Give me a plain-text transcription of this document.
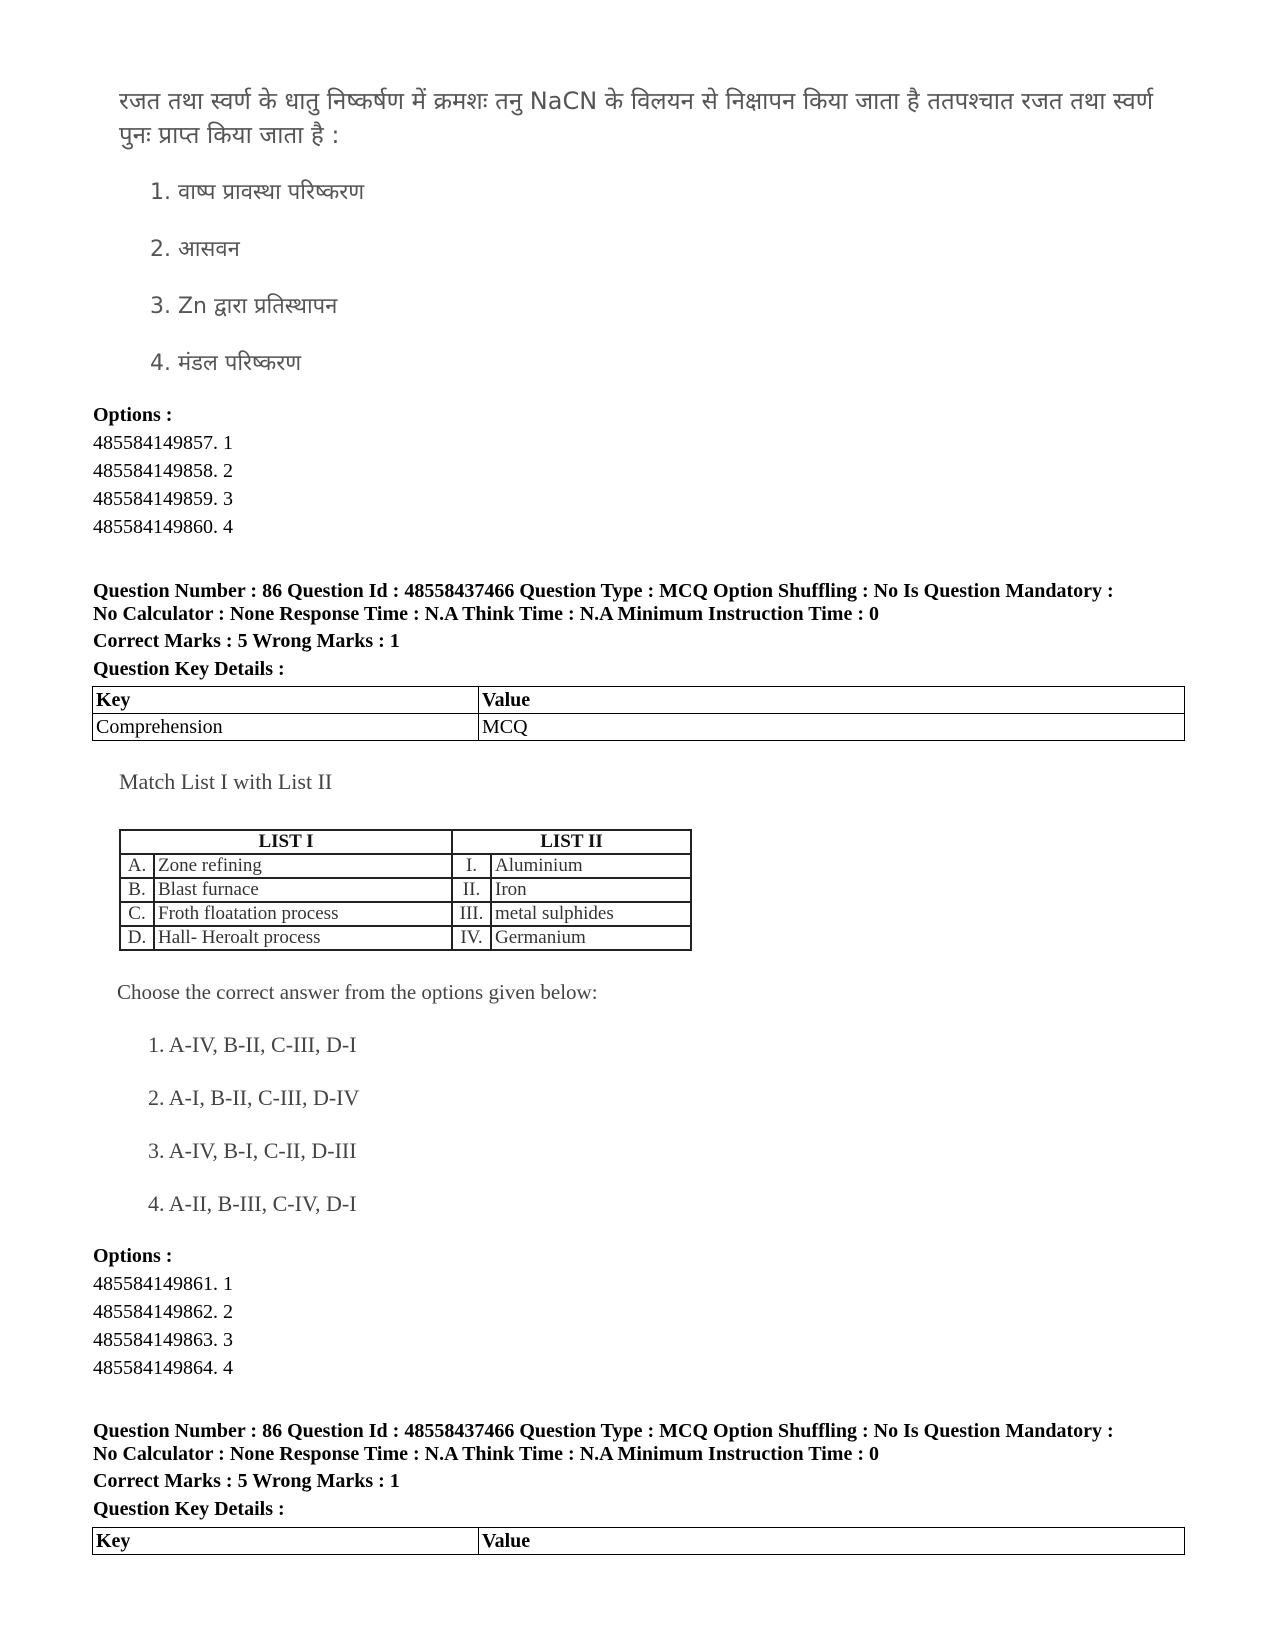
रजत तथा स्वर्ण के धातु निष्कर्षण में क्रमशः तनु NaCN के विलयन से निक्षापन किया जाता है ततपश्चात रजत तथा स्वर्ण पुनः प्राप्त किया जाता है :
1. वाष्प प्रावस्था परिष्करण
2. आसवन
3. Zn द्वारा प्रतिस्थापन
4. मंडल परिष्करण
Options :
485584149857. 1
485584149858. 2
485584149859. 3
485584149860. 4
Question Number : 86 Question Id : 48558437466 Question Type : MCQ Option Shuffling : No Is Question Mandatory :
No Calculator : None Response Time : N.A Think Time : N.A Minimum Instruction Time : 0
Correct Marks : 5 Wrong Marks : 1
Question Key Details :
Key	Value
Comprehension	MCQ
Match List I with List II
LIST I		LIST II	
A.	Zone refining	I.	Aluminium
B.	Blast furnace	II.	Iron
C.	Froth floatation process	III.	metal sulphides
D.	Hall- Heroalt process	IV.	Germanium
Choose the correct answer from the options given below:
1. A-IV, B-II, C-III, D-I
2. A-I, B-II, C-III, D-IV
3. A-IV, B-I, C-II, D-III
4. A-II, B-III, C-IV, D-I
Options :
485584149861. 1
485584149862. 2
485584149863. 3
485584149864. 4
Question Number : 86 Question Id : 48558437466 Question Type : MCQ Option Shuffling : No Is Question Mandatory :
No Calculator : None Response Time : N.A Think Time : N.A Minimum Instruction Time : 0
Correct Marks : 5 Wrong Marks : 1
Question Key Details :
Key	Value
